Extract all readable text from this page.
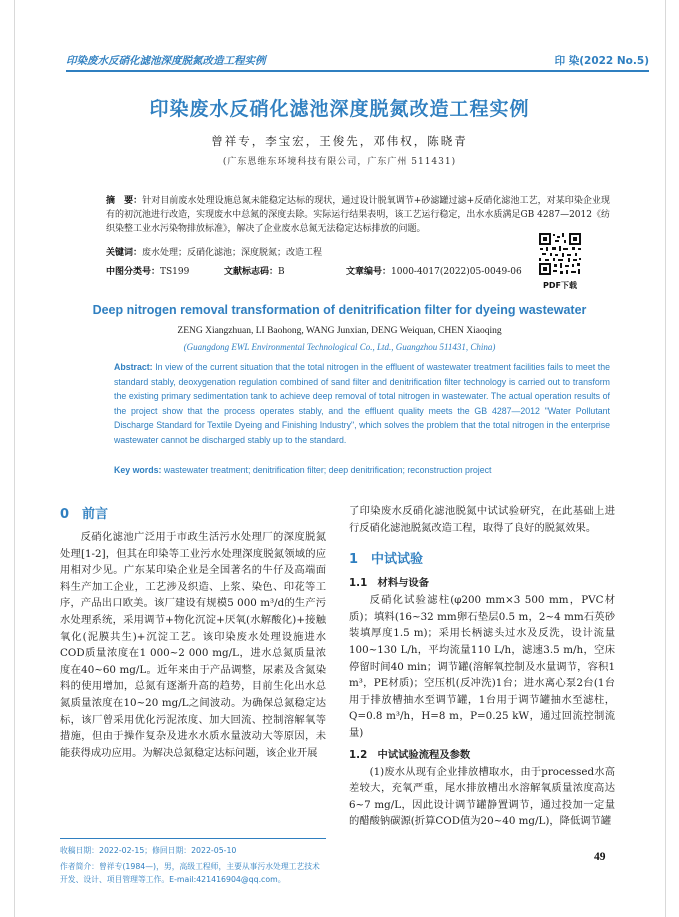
印染废水反硝化滤池深度脱氮改造工程实例	印 染(2022 No.5)
印染废水反硝化滤池深度脱氮改造工程实例
曾祥专，李宝宏，王俊先，邓伟权，陈晓青
(广东恩维东环境科技有限公司，广东广州 511431)
摘　要：针对目前废水处理设施总氮未能稳定达标的现状，通过设计脱氧调节+砂滤罐过滤+反硝化滤池工艺，对某印染企业现有的初沉池进行改造，实现废水中总氮的深度去除。实际运行结果表明，该工艺运行稳定，出水水质满足GB 4287—2012《纺织染整工业水污染物排放标准》，解决了企业废水总氮无法稳定达标排放的问题。
关键词：废水处理；反硝化滤池；深度脱氮；改造工程
中图分类号：TS199	文献标志码：B	文章编号：1000-4017(2022)05-0049-06
PDF下载
Deep nitrogen removal transformation of denitrification filter for dyeing wastewater
ZENG Xiangzhuan, LI Baohong, WANG Junxian, DENG Weiquan, CHEN Xiaoqing
(Guangdong EWL Environmental Technological Co., Ltd., Guangzhou 511431, China)
Abstract: In view of the current situation that the total nitrogen in the effluent of wastewater treatment facilities fails to meet the standard stably, deoxygenation regulation combined of sand filter and denitrification filter technology is carried out to transform the existing primary sedimentation tank to achieve deep removal of total nitrogen in wastewater. The actual operation results of the project show that the process operates stably, and the effluent quality meets the GB 4287—2012 "Water Pollutant Discharge Standard for Textile Dyeing and Finishing Industry", which solves the problem that the total nitrogen in the enterprise wastewater cannot be discharged stably up to the standard.
Key words: wastewater treatment; denitrification filter; deep denitrification; reconstruction project
0　前言

反硝化滤池广泛用于市政生活污水处理厂的深度脱氮处理[1-2]，但其在印染等工业污水处理深度脱氮领域的应用相对少见。广东某印染企业是全国著名的牛仔及高端面料生产加工企业，工艺涉及织造、上浆、染色、印花等工序，产品出口欧美。该厂建设有规模5 000 m³/d的生产污水处理系统，采用调节+物化沉淀+厌氧(水解酸化)+接触氧化(泥膜共生)+沉淀工艺。该印染废水处理设施进水COD质量浓度在1 000~2 000 mg/L，进水总氮质量浓度在40~60 mg/L。近年来由于产品调整，尿素及含氮染料的使用增加，总氮有逐渐升高的趋势，目前生化出水总氮质量浓度在10~20 mg/L之间波动。为确保总氮稳定达标，该厂曾采用优化污泥浓度、加大回流、控制溶解氧等措施，但由于操作复杂及进水水质水量波动大等原因，未能获得成功应用。为解决总氮稳定达标问题，该企业开展

了印染废水反硝化滤池脱氮中试试验研究，在此基础上进行反硝化滤池脱氮改造工程，取得了良好的脱氮效果。

1　中试试验
1.1　材料与设备

反硝化试验滤柱(φ200 mm×3 500 mm，PVC材质)；填料(16~32 mm卵石垫层0.5 m，2~4 mm石英砂装填厚度1.5 m)；采用长柄滤头过水及反洗，设计流量100~130 L/h，平均流量110 L/h，滤速3.5 m/h，空床停留时间40 min；调节罐(溶解氧控制及水量调节，容积1 m³，PE材质)；空压机(反冲洗)1台；进水离心泵2台(1台用于排放槽抽水至调节罐，1台用于调节罐抽水至滤柱，Q=0.8 m³/h，H=8 m，P=0.25 kW，通过回流控制流量)

1.2　中试试验流程及参数

(1)废水从现有企业排放槽取水，由于processed水高差较大，充氧严重，尾水排放槽出水溶解氧质量浓度高达6~7 mg/L，因此设计调节罐静置调节，通过投加一定量的醋酸钠碳源(折算COD值为20~40 mg/L)，降低调节罐

收稿日期：2022-02-15；修回日期：2022-05-10
作者简介：曾祥专(1984—)，男，高级工程师，主要从事污水处理工艺技术开发、设计、项目管理等工作。E-mail:421416904@qq.com。
49
